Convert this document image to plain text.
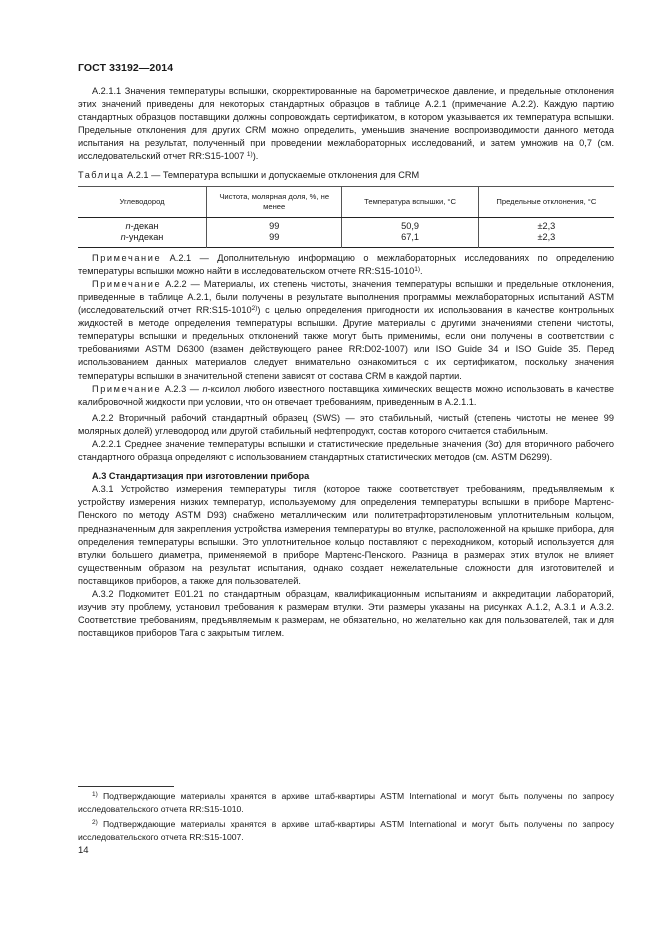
ГОСТ 33192—2014

А.2.1.1 Значения температуры вспышки, скорректированные на барометрическое давление, и предельные отклонения этих значений приведены для некоторых стандартных образцов в таблице А.2.1 (примечание А.2.2). Каждую партию стандартных образцов поставщики должны сопровождать сертификатом, в котором указывается их температура вспышки. Предельные отклонения для других CRM можно определить, уменьшив значение воспроизводимости данного метода испытания на результат, полученный при проведении межлабораторных исследований, и затем умножив на 0,7 (см. исследовательский отчет RR:S15-1007 $^{1)}$).

Таблица А.2.1 — Температура вспышки и допускаемые отклонения для CRM

Углеводород	Чистота, молярная доля, %, не менее	Температура вспышки, °С	Предельные отклонения, °С
n-декан	99	50,9	±2,3
n-ундекан	99	67,1	±2,3

Примечание А.2.1 — Дополнительную информацию о межлабораторных исследованиях по определению температуры вспышки можно найти в исследовательском отчете RR:S15-1010$^{1)}$.

Примечание А.2.2 — Материалы, их степень чистоты, значения температуры вспышки и предельные отклонения, приведенные в таблице А.2.1, были получены в результате выполнения программы межлабораторных испытаний ASTM (исследовательский отчет RR:S15-1010$^{2)}$) с целью определения пригодности их использования в качестве контрольных жидкостей в методе определения температуры вспышки. Другие материалы с другими значениями степени чистоты, температуры вспышки и предельных отклонений также могут быть применимы, если они получены в соответствии с требованиями ASTM D6300 (взамен действующего ранее RR:D02-1007) или ISO Guide 34 и ISO Guide 35. Перед использованием данных материалов следует внимательно ознакомиться с их сертификатом, поскольку значения температуры вспышки в значительной степени зависят от состава CRM в каждой партии.

Примечание А.2.3 — n-ксилол любого известного поставщика химических веществ можно использовать в качестве калибровочной жидкости при условии, что он отвечает требованиям, приведенным в А.2.1.1.

А.2.2 Вторичный рабочий стандартный образец (SWS) — это стабильный, чистый (степень чистоты не менее 99 молярных долей) углеводород или другой стабильный нефтепродукт, состав которого считается стабильным.

А.2.2.1 Среднее значение температуры вспышки и статистические предельные значения (3σ) для вторичного рабочего стандартного образца определяют с использованием стандартных статистических методов (см. ASTM D6299).

А.3 Стандартизация при изготовлении прибора

А.3.1 Устройство измерения температуры тигля (которое также соответствует требованиям, предъявляемым к устройству измерения низких температур, используемому для определения температуры вспышки в приборе Мартенс-Пенского по методу ASTM D93) снабжено металлическим или политетрафторэтиленовым уплотнительным кольцом, предназначенным для закрепления устройства измерения температуры во втулке, расположенной на крышке прибора, для определения температуры вспышки. Это уплотнительное кольцо поставляют с переходником, который используется для втулки большего диаметра, применяемой в приборе Мартенс-Пенского. Разница в размерах этих втулок не влияет существенным образом на результат испытания, однако создает нежелательные сложности для изготовителей и поставщиков приборов, а также для пользователей.

А.3.2 Подкомитет Е01.21 по стандартным образцам, квалификационным испытаниям и аккредитации лабораторий, изучив эту проблему, установил требования к размерам втулки. Эти размеры указаны на рисунках А.1.2, А.3.1 и А.3.2. Соответствие требованиям, предъявляемым к размерам, не обязательно, но желательно как для пользователей, так и для поставщиков приборов Тага с закрытым тиглем.

$^{1)}$ Подтверждающие материалы хранятся в архиве штаб-квартиры ASTM International и могут быть получены по запросу исследовательского отчета RR:S15-1010.

$^{2)}$ Подтверждающие материалы хранятся в архиве штаб-квартиры ASTM International и могут быть получены по запросу исследовательского отчета RR:S15-1007.

14
